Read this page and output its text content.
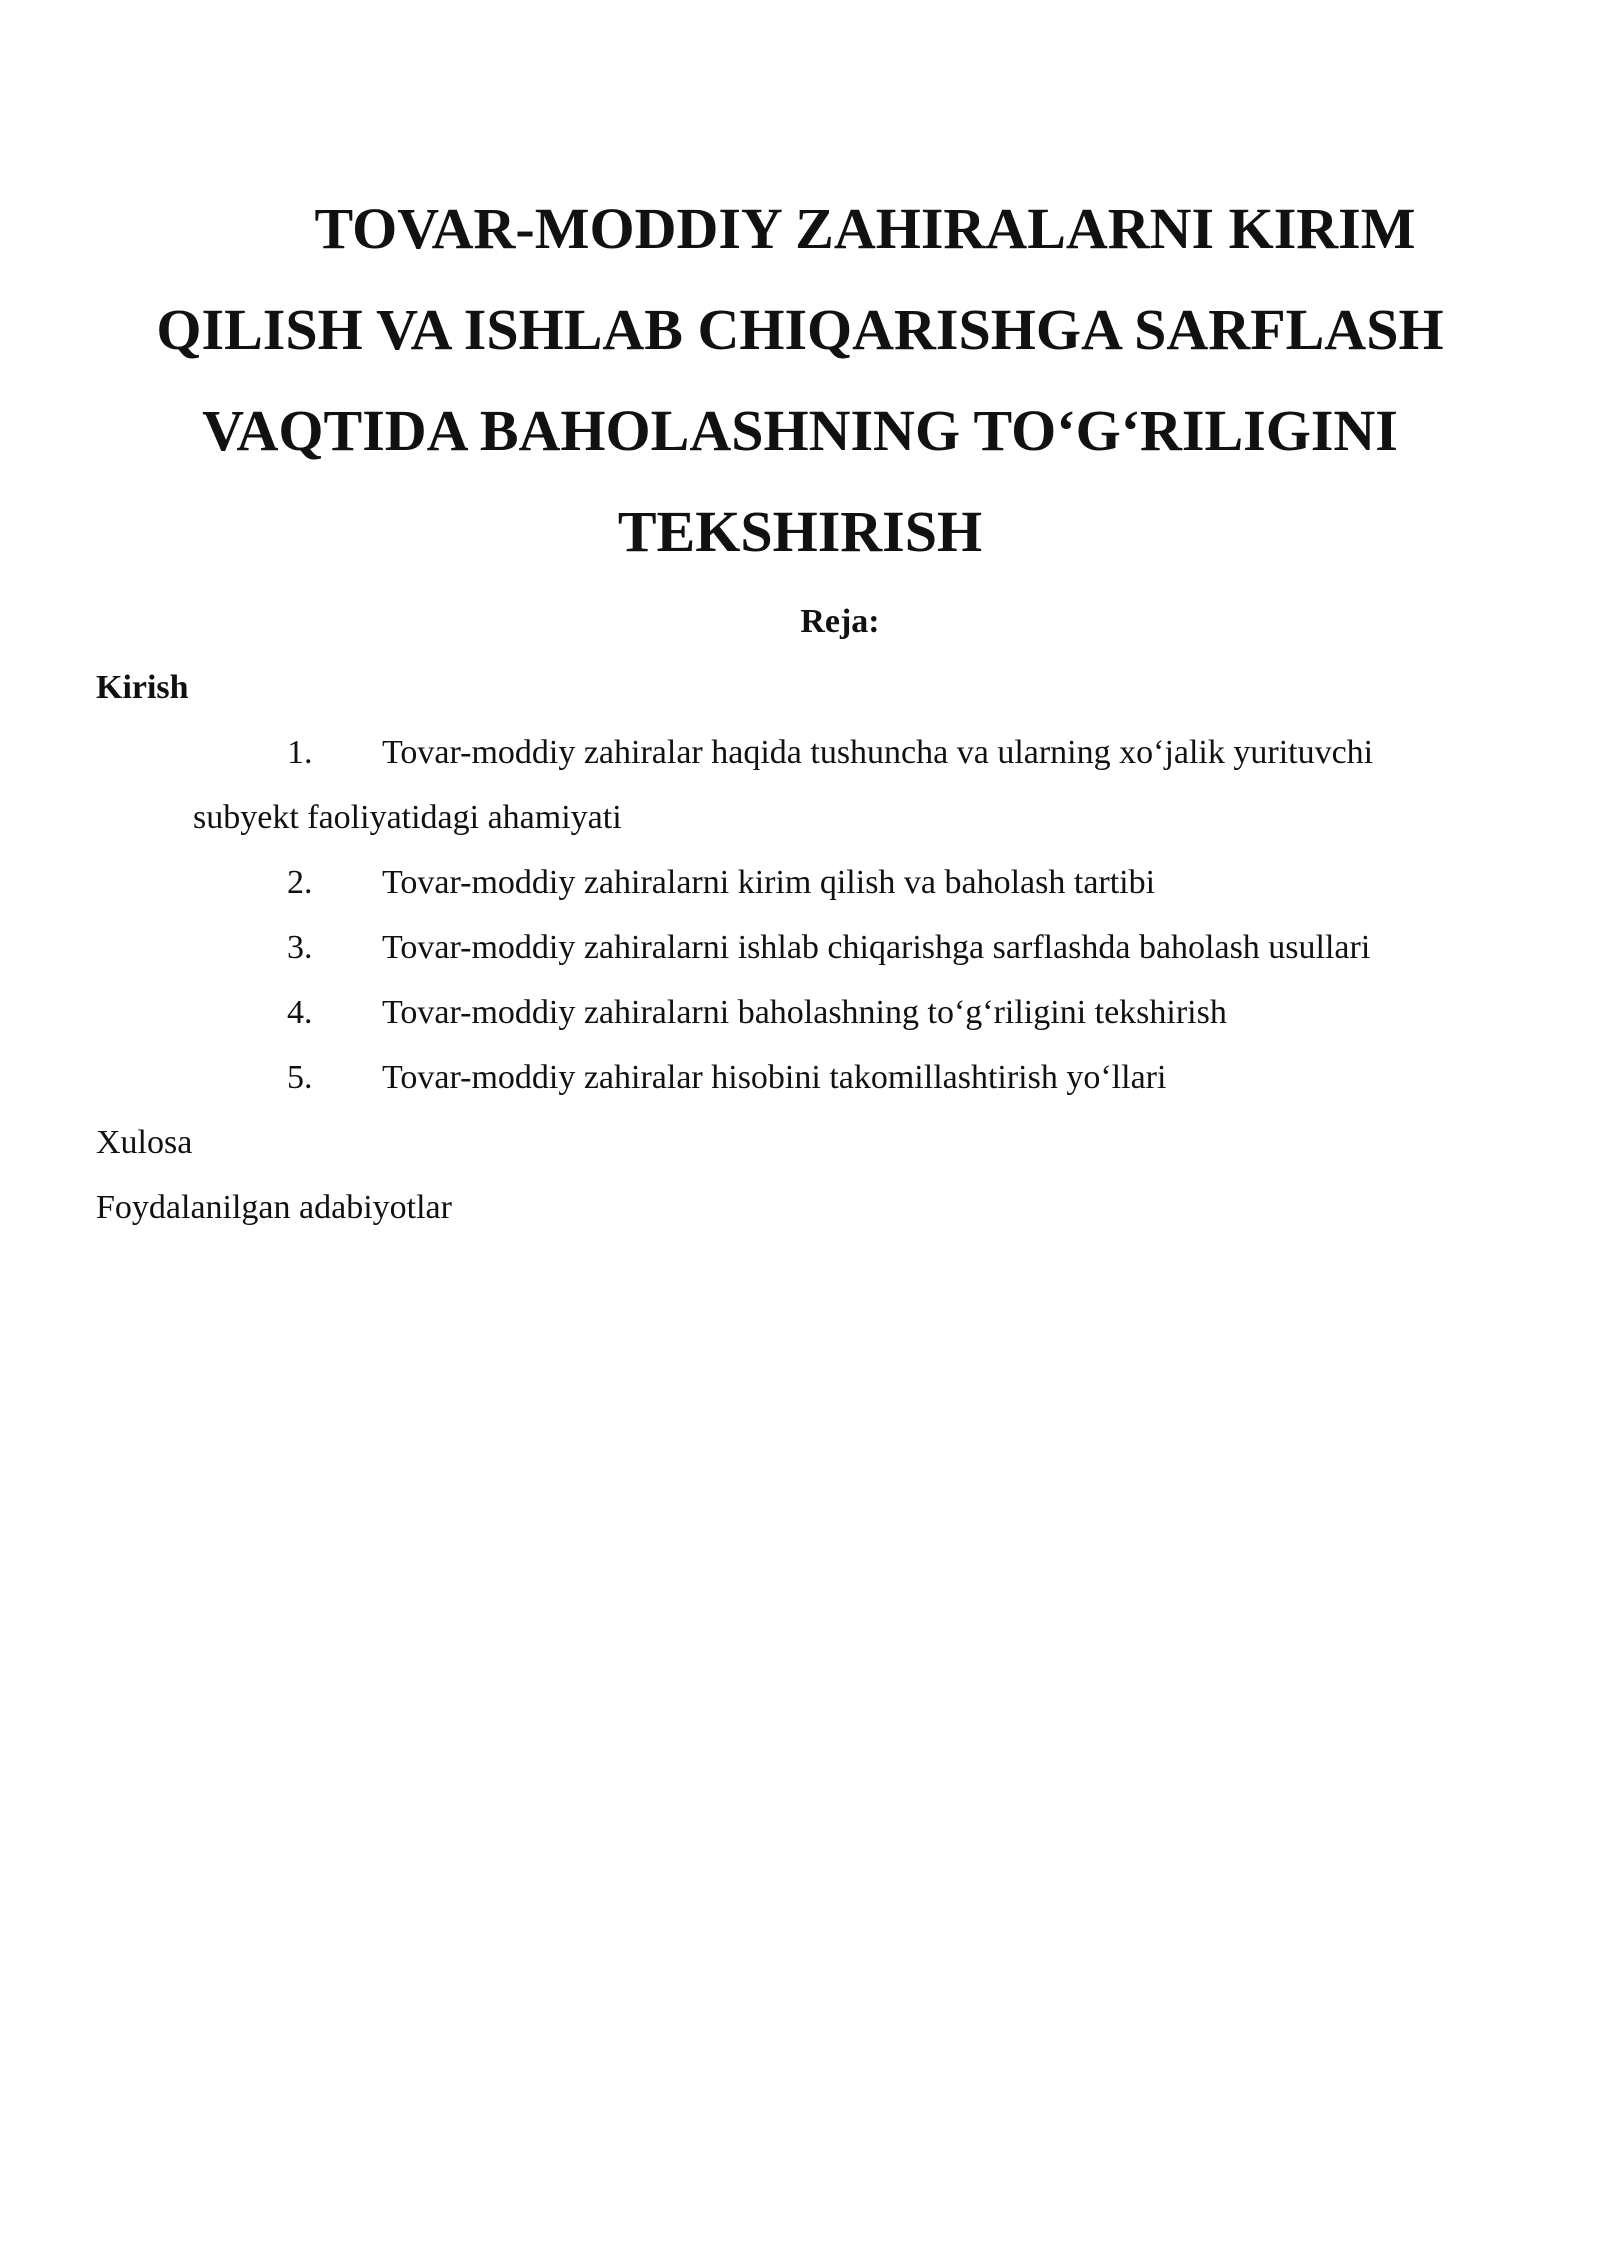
TOVAR-MODDIY ZAHIRALARNI KIRIM
QILISH VA ISHLAB CHIQARISHGA SARFLASH
VAQTIDA BAHOLASHNING TO‘G‘RILIGINI
TEKSHIRISH
Reja:
Kirish
1.	Tovar-moddiy zahiralar haqida tushuncha va ularning xo‘jalik yurituvchi
subyekt faoliyatidagi ahamiyati
2.	Tovar-moddiy zahiralarni kirim qilish va baholash tartibi
3.	Tovar-moddiy zahiralarni ishlab chiqarishga sarflashda baholash usullari
4.	Tovar-moddiy zahiralarni baholashning to‘g‘riligini tekshirish
5.	Tovar-moddiy zahiralar hisobini takomillashtirish yo‘llari
Xulosa
Foydalanilgan adabiyotlar
